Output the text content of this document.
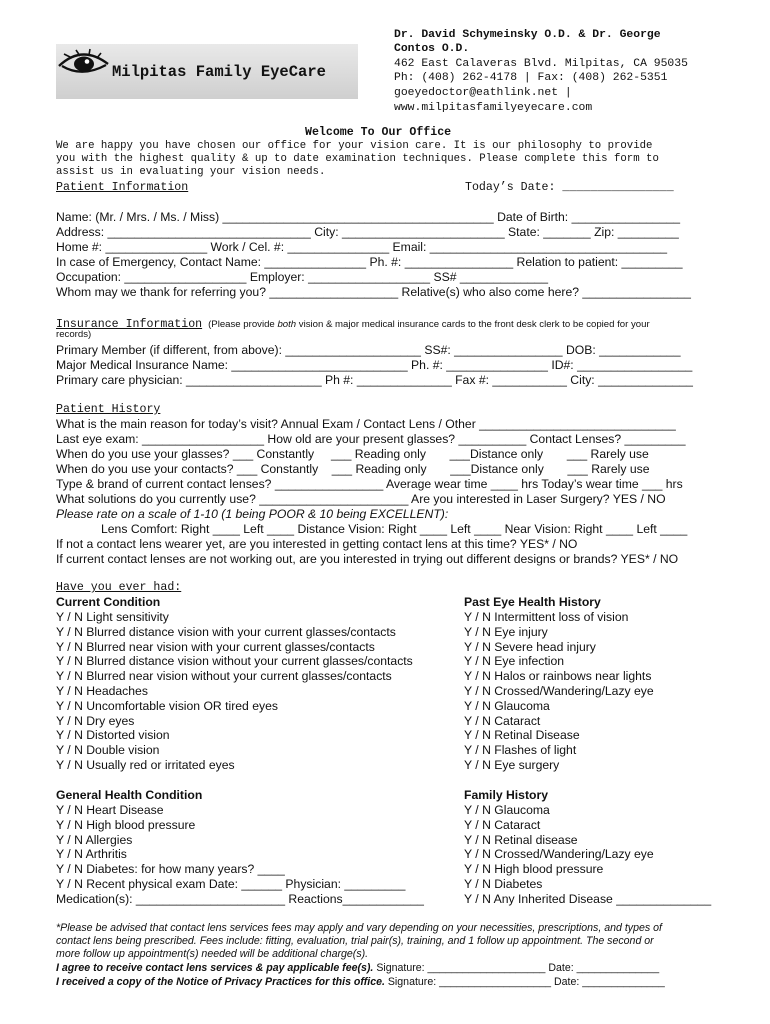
Milpitas Family EyeCare
Dr. David Schymeinsky O.D. & Dr. George
Contos O.D.
462 East Calaveras Blvd. Milpitas, CA 95035
Ph: (408) 262-4178 | Fax: (408) 262-5351
goeyedoctor@eathlink.net |
www.milpitasfamilyeyecare.com
Welcome To Our Office
We are happy you have chosen our office for your vision care. It is our philosophy to provide
you with the highest quality & up to date examination techniques. Please complete this form to
assist us in evaluating your vision needs.
Patient Information	Today’s Date: ________________
Name: (Mr. / Mrs. / Ms. / Miss) ________________________________________ Date of Birth: ________________
Address: ______________________________ City: ________________________ State: _______ Zip: _________
Home #: _______________ Work / Cel. #: _______________ Email: ___________________________________
In case of Emergency, Contact Name: _______________ Ph. #: ________________ Relation to patient: _________
Occupation: __________________ Employer: __________________ SS# _____________
Whom may we thank for referring you? ___________________ Relative(s) who also come here? ________________
Insurance Information (Please provide both vision & major medical insurance cards to the front desk clerk to be copied for your
records)
Primary Member (if different, from above): ____________________ SS#: ________________ DOB: ____________
Major Medical Insurance Name: __________________________ Ph. #: _______________ ID#: _________________
Primary care physician: ____________________ Ph #: ______________ Fax #: ___________ City: ______________
Patient History
What is the main reason for today’s visit? Annual Exam / Contact Lens / Other _____________________________
Last eye exam: __________________ How old are your present glasses? __________ Contact Lenses? _________
When do you use your glasses? ___ Constantly     ___ Reading only       ___Distance only       ___ Rarely use
When do you use your contacts? ___ Constantly    ___ Reading only       ___Distance only       ___ Rarely use
Type & brand of current contact lenses? ________________ Average wear time ____ hrs Today’s wear time ___ hrs
What solutions do you currently use? ______________________ Are you interested in Laser Surgery? YES / NO
Please rate on a scale of 1-10 (1 being POOR & 10 being EXCELLENT):
Lens Comfort: Right ____ Left ____ Distance Vision: Right ____ Left ____ Near Vision: Right ____ Left ____
If not a contact lens wearer yet, are you interested in getting contact lens at this time? YES* / NO
If current contact lenses are not working out, are you interested in trying out different designs or brands? YES* / NO
Have you ever had:
Current Condition
Y / N Light sensitivity
Y / N Blurred distance vision with your current glasses/contacts
Y / N Blurred near vision with your current glasses/contacts
Y / N Blurred distance vision without your current glasses/contacts
Y / N Blurred near vision without your current glasses/contacts
Y / N Headaches
Y / N Uncomfortable vision OR tired eyes
Y / N Dry eyes
Y / N Distorted vision
Y / N Double vision
Y / N Usually red or irritated eyes
Past Eye Health History
Y / N Intermittent loss of vision
Y / N Eye injury
Y / N Severe head injury
Y / N Eye infection
Y / N Halos or rainbows near lights
Y / N Crossed/Wandering/Lazy eye
Y / N Glaucoma
Y / N Cataract
Y / N Retinal Disease
Y / N Flashes of light
Y / N Eye surgery
General Health Condition
Y / N Heart Disease
Y / N High blood pressure
Y / N Allergies
Y / N Arthritis
Y / N Diabetes: for how many years? ____
Y / N Recent physical exam Date: ______ Physician: _________
Medication(s): ______________________ Reactions____________
Family History
Y / N Glaucoma
Y / N Cataract
Y / N Retinal disease
Y / N Crossed/Wandering/Lazy eye
Y / N High blood pressure
Y / N Diabetes
Y / N Any Inherited Disease ______________
*Please be advised that contact lens services fees may apply and vary depending on your necessities, prescriptions, and types of
contact lens being prescribed. Fees include: fitting, evaluation, trial pair(s), training, and 1 follow up appointment. The second or
more follow up appointment(s) needed will be additional charge(s).
I agree to receive contact lens services & pay applicable fee(s). Signature: ____________________ Date: ______________
I received a copy of the Notice of Privacy Practices for this office. Signature: ___________________ Date: ______________
